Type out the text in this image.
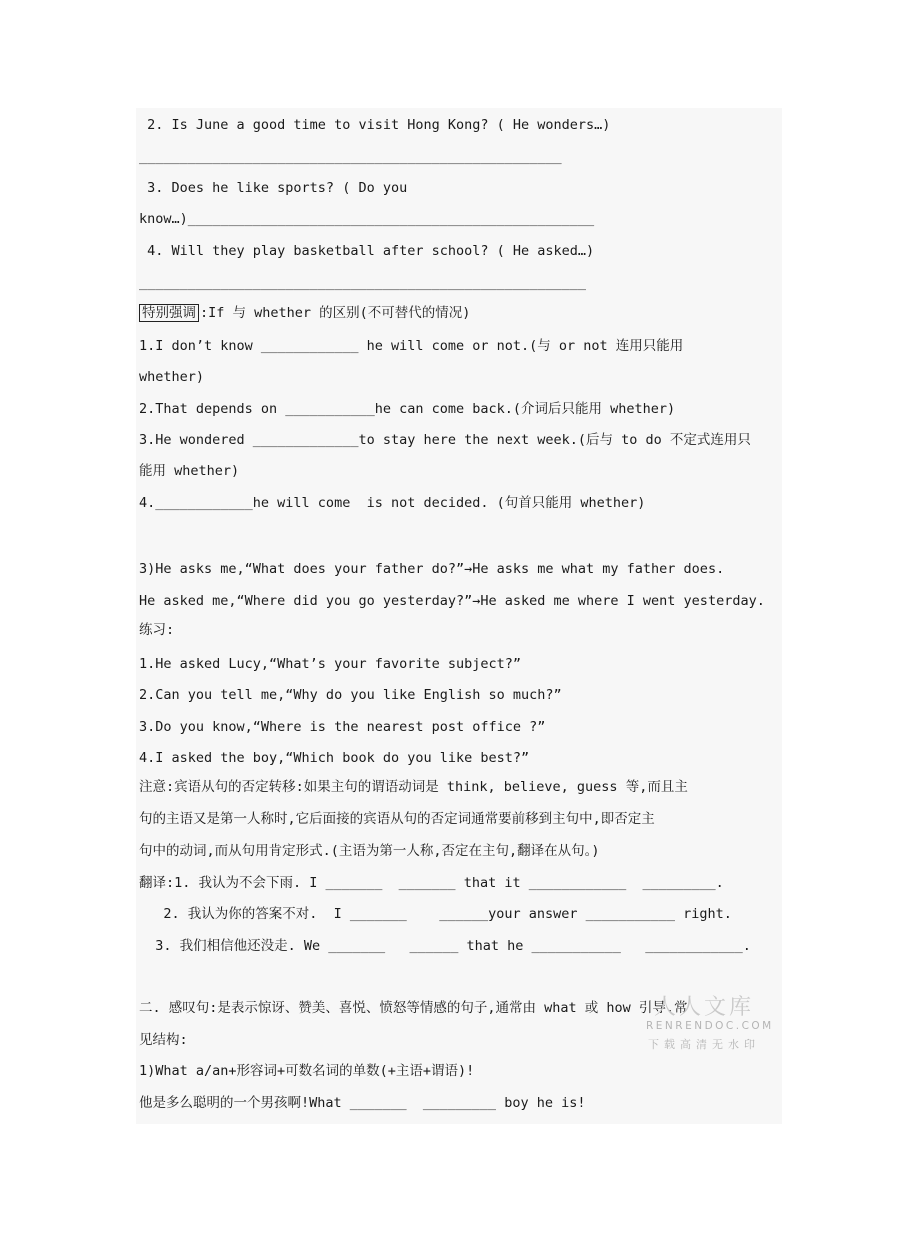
2. Is June a good time to visit Hong Kong? ( He wonders…)
____________________________________________________
3. Does he like sports? ( Do you
know…)__________________________________________________
4. Will they play basketball after school? ( He asked…)
_______________________________________________________
特别强调 :If 与 whether 的区别(不可替代的情况)
1.I don’t know ____________ he will come or not.(与 or not 连用只能用
whether)
2.That depends on ___________he can come back.(介词后只能用 whether)
3.He wondered _____________to stay here the next week.(后与 to do 不定式连用只
能用 whether)
4.____________he will come  is not decided. (句首只能用 whether)
3)He asks me,“What does your father do?”→He asks me what my father does.
He asked me,“Where did you go yesterday?”→He asked me where I went yesterday.
练习:
1.He asked Lucy,“What’s your favorite subject?”
2.Can you tell me,“Why do you like English so much?”
3.Do you know,“Where is the nearest post office ?”
4.I asked the boy,“Which book do you like best?”
注意:宾语从句的否定转移:如果主句的谓语动词是 think, believe, guess 等,而且主
句的主语又是第一人称时,它后面接的宾语从句的否定词通常要前移到主句中,即否定主
句中的动词,而从句用肯定形式.(主语为第一人称,否定在主句,翻译在从句。)
翻译:1. 我认为不会下雨. I _______  _______ that it ____________  _________.
2. 我认为你的答案不对.  I _______    ______your answer ___________ right.
3. 我们相信他还没走. We _______   ______ that he ___________   ____________.
二. 感叹句:是表示惊讶、赞美、喜悦、愤怒等情感的句子,通常由 what 或 how 引导.常
见结构:
1)What a/an+形容词+可数名词的单数(+主语+谓语)!
他是多么聪明的一个男孩啊!What _______  _________ boy he is!
人人文库
RENRENDOC.COM
下载高清无水印
